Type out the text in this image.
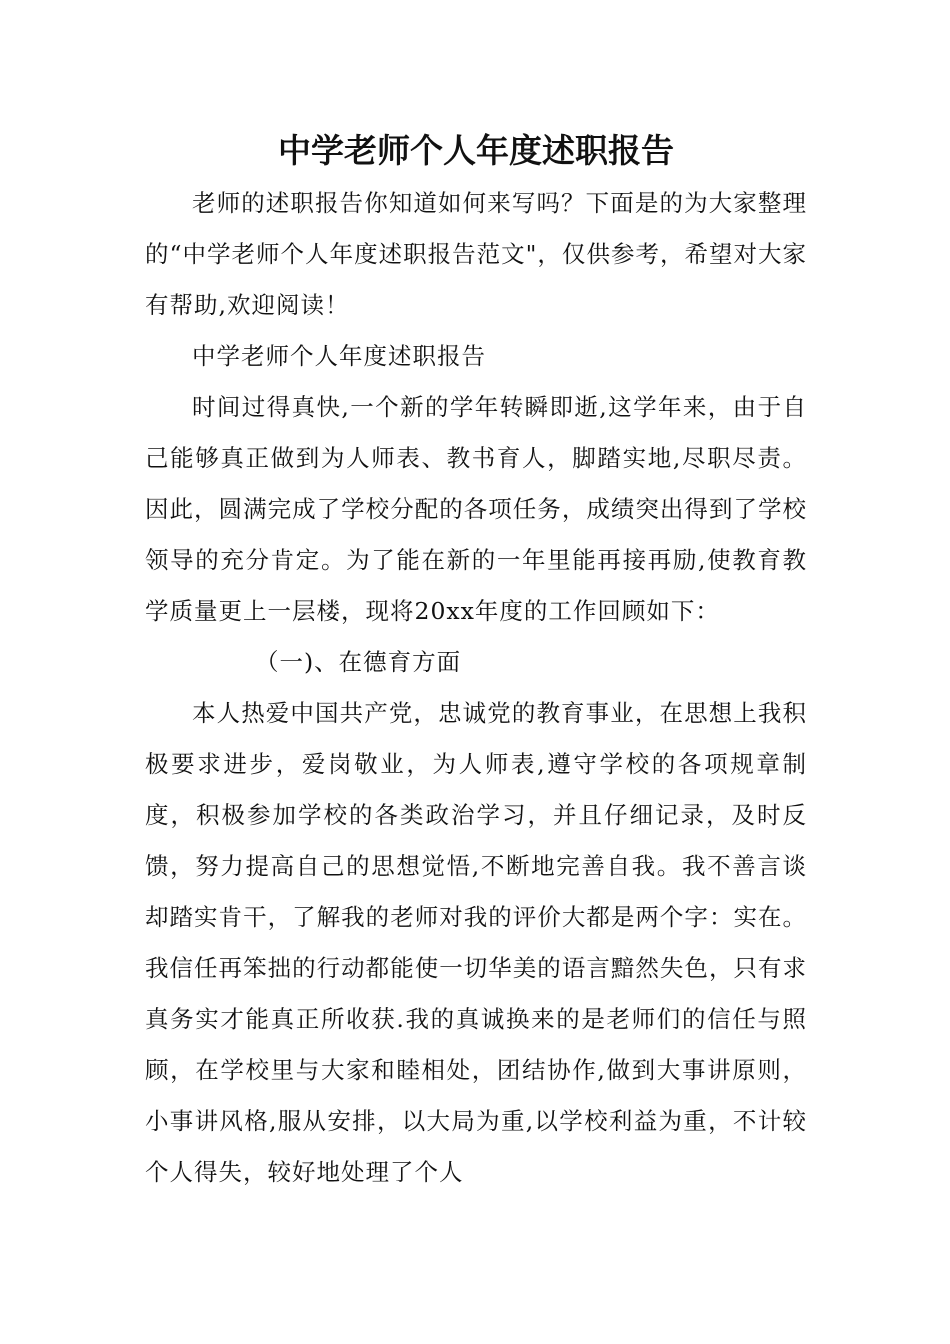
中学老师个人年度述职报告

老师的述职报告你知道如何来写吗？下面是的为大家整理的“中学老师个人年度述职报告范文"，仅供参考，希望对大家有帮助,欢迎阅读！

中学老师个人年度述职报告

时间过得真快,一个新的学年转瞬即逝,这学年来，由于自己能够真正做到为人师表、教书育人，脚踏实地,尽职尽责。因此，圆满完成了学校分配的各项任务，成绩突出得到了学校领导的充分肯定。为了能在新的一年里能再接再励,使教育教学质量更上一层楼，现将20xx年度的工作回顾如下：

（一)、在德育方面

本人热爱中国共产党，忠诚党的教育事业，在思想上我积极要求进步，爱岗敬业，为人师表,遵守学校的各项规章制度，积极参加学校的各类政治学习，并且仔细记录，及时反馈，努力提高自己的思想觉悟,不断地完善自我。我不善言谈却踏实肯干，了解我的老师对我的评价大都是两个字：实在。我信任再笨拙的行动都能使一切华美的语言黯然失色，只有求真务实才能真正所收获.我的真诚换来的是老师们的信任与照顾，在学校里与大家和睦相处，团结协作,做到大事讲原则，小事讲风格,服从安排，以大局为重,以学校利益为重，不计较个人得失，较好地处理了个人
